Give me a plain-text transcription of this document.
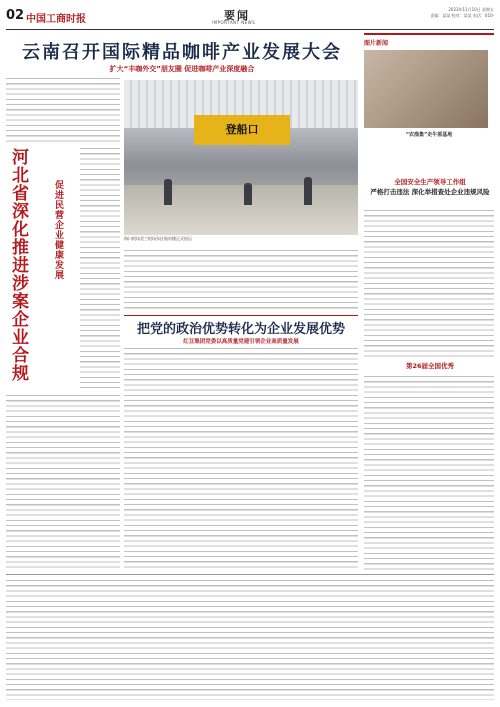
02 中国工商时报	要闻
IMPORTANT NEWS
2023年11月10日 星期五
责编：某某 校对：某某 电话：010-
云南召开国际精品咖啡产业发展大会
扩大“丰咖外交”朋友圈 促进咖啡产业深度融合
登船口
海口机场美兰机场东区航站楼正式投运
河北省深化推进涉案企业合规	促进民营企业健康发展
把党的政治优势转化为企业发展优势
红豆集团党委以高质量党建引领企业高质量发展
图片新闻
“农渔集”走牛部基地
全国安全生产领导工作组
严格打击违法 深化举措查处企业违规风险
第26届全国优秀
